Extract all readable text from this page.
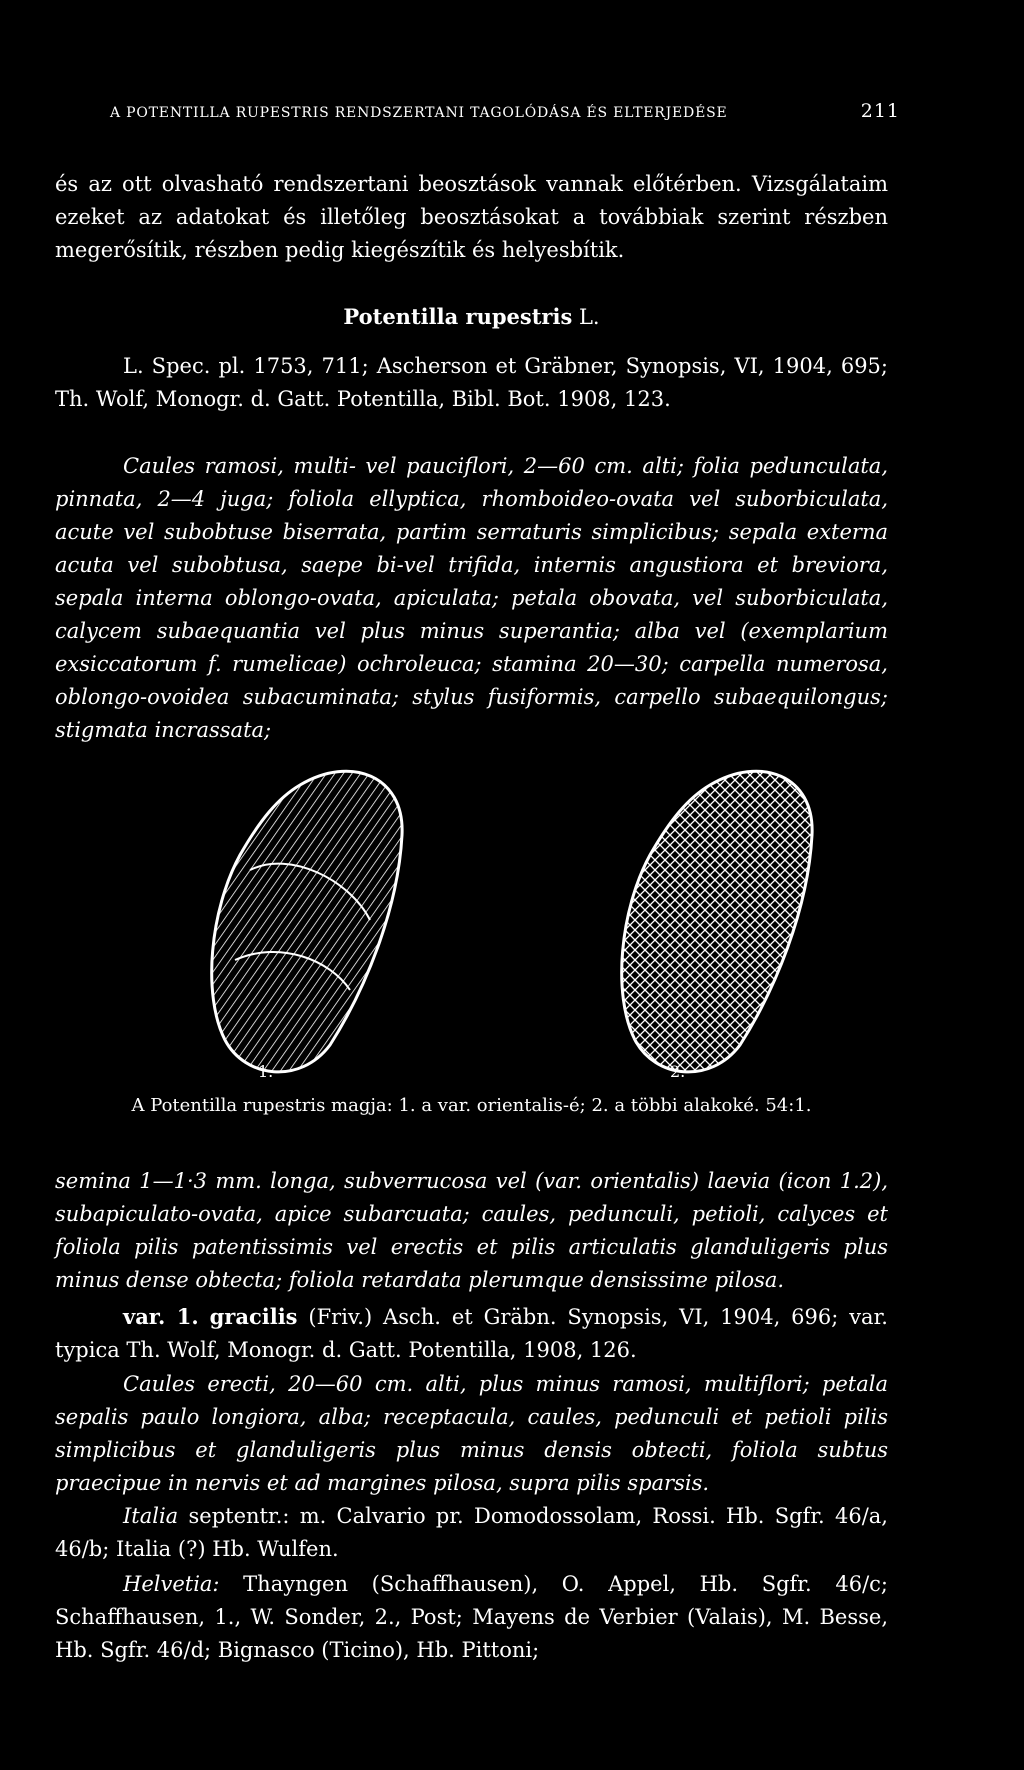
A POTENTILLA RUPESTRIS RENDSZERTANI TAGOLÓDÁSA ÉS ELTERJEDÉSE	211

és az ott olvasható rendszertani beosztások vannak előtérben. Vizsgálataim ezeket az adatokat és illetőleg beosztásokat a továbbiak szerint részben megerősítik, részben pedig kiegészítik és helyesbítik.

Potentilla rupestris L.

L. Spec. pl. 1753, 711; Ascherson et Gräbner, Synopsis, VI, 1904, 695; Th. Wolf, Monogr. d. Gatt. Potentilla, Bibl. Bot. 1908, 123.

Caules ramosi, multi- vel pauciflori, 2—60 cm. alti; folia pedunculata, pinnata, 2—4 juga; foliola ellyptica, rhomboideo-ovata vel suborbiculata, acute vel subobtuse biserrata, partim serraturis simplicibus; sepala externa acuta vel subobtusa, saepe bi-vel trifida, internis angustiora et breviora, sepala interna oblongo-ovata, apiculata; petala obovata, vel suborbiculata, calycem subaequantia vel plus minus superantia; alba vel (exemplarium exsiccatorum f. rumelicae) ochroleuca; stamina 20—30; carpella numerosa, oblongo-ovoidea subacuminata; stylus fusiformis, carpello subaequilongus; stigmata incrassata;

1.	2.

A Potentilla rupestris magja: 1. a var. orientalis-é; 2. a többi alakoké. 54:1.

semina 1—1·3 mm. longa, subverrucosa vel (var. orientalis) laevia (icon 1.2), subapiculato-ovata, apice subarcuata; caules, pedunculi, petioli, calyces et foliola pilis patentissimis vel erectis et pilis articulatis glanduligeris plus minus dense obtecta; foliola retardata plerumque densissime pilosa.

var. 1. gracilis (Friv.) Asch. et Gräbn. Synopsis, VI, 1904, 696; var. typica Th. Wolf, Monogr. d. Gatt. Potentilla, 1908, 126.

Caules erecti, 20—60 cm. alti, plus minus ramosi, multiflori; petala sepalis paulo longiora, alba; receptacula, caules, pedunculi et petioli pilis simplicibus et glanduligeris plus minus densis obtecti, foliola subtus praecipue in nervis et ad margines pilosa, supra pilis sparsis.

Italia septentr.: m. Calvario pr. Domodossolam, Rossi. Hb. Sgfr. 46/a, 46/b; Italia (?) Hb. Wulfen.

Helvetia: Thayngen (Schaffhausen), O. Appel, Hb. Sgfr. 46/c; Schaffhausen, 1., W. Sonder, 2., Post; Mayens de Verbier (Valais), M. Besse, Hb. Sgfr. 46/d; Bignasco (Ticino), Hb. Pittoni;
